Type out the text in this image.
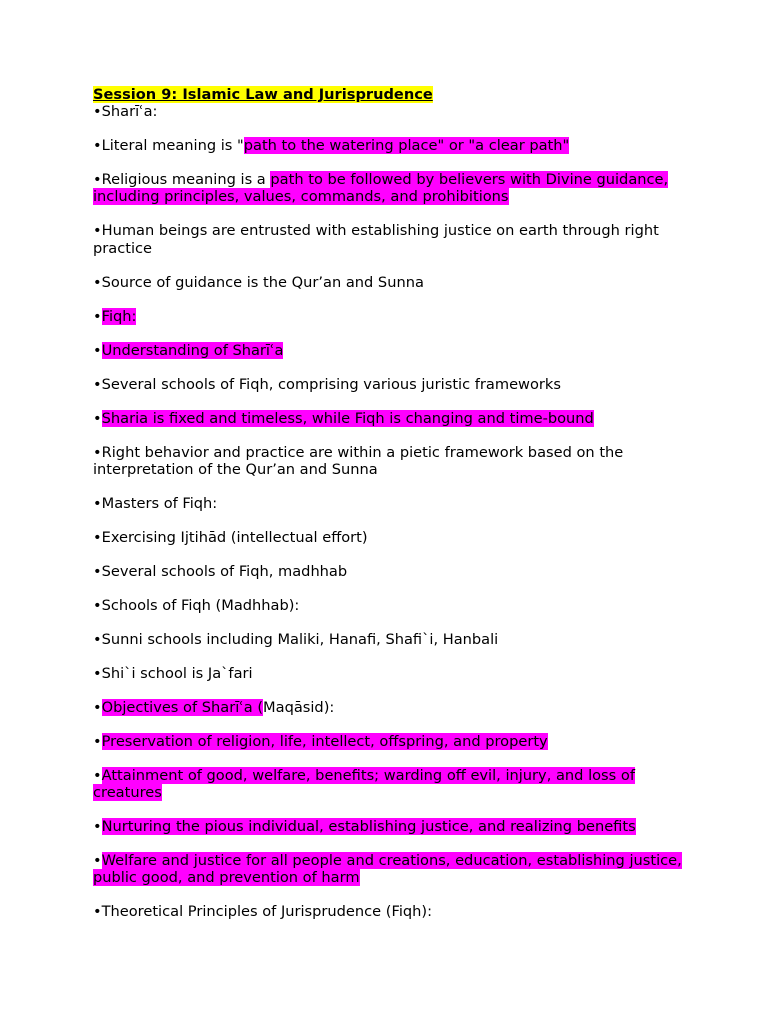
Session 9: Islamic Law and Jurisprudence
•Sharīʿa:
•Literal meaning is "path to the watering place" or "a clear path"
•Religious meaning is a path to be followed by believers with Divine guidance, including principles, values, commands, and prohibitions
•Human beings are entrusted with establishing justice on earth through right practice
•Source of guidance is the Qur’an and Sunna
•Fiqh:
•Understanding of Sharīʿa
•Several schools of Fiqh, comprising various juristic frameworks
•Sharia is fixed and timeless, while Fiqh is changing and time-bound
•Right behavior and practice are within a pietic framework based on the interpretation of the Qur’an and Sunna
•Masters of Fiqh:
•Exercising Ijtihād (intellectual effort)
•Several schools of Fiqh, madhhab
•Schools of Fiqh (Madhhab):
•Sunni schools including Maliki, Hanafi, Shafi`i, Hanbali
•Shi`i school is Ja`fari
•Objectives of Sharīʿa (Maqāsid):
•Preservation of religion, life, intellect, offspring, and property
•Attainment of good, welfare, benefits; warding off evil, injury, and loss of creatures
•Nurturing the pious individual, establishing justice, and realizing benefits
•Welfare and justice for all people and creations, education, establishing justice, public good, and prevention of harm
•Theoretical Principles of Jurisprudence (Fiqh):
